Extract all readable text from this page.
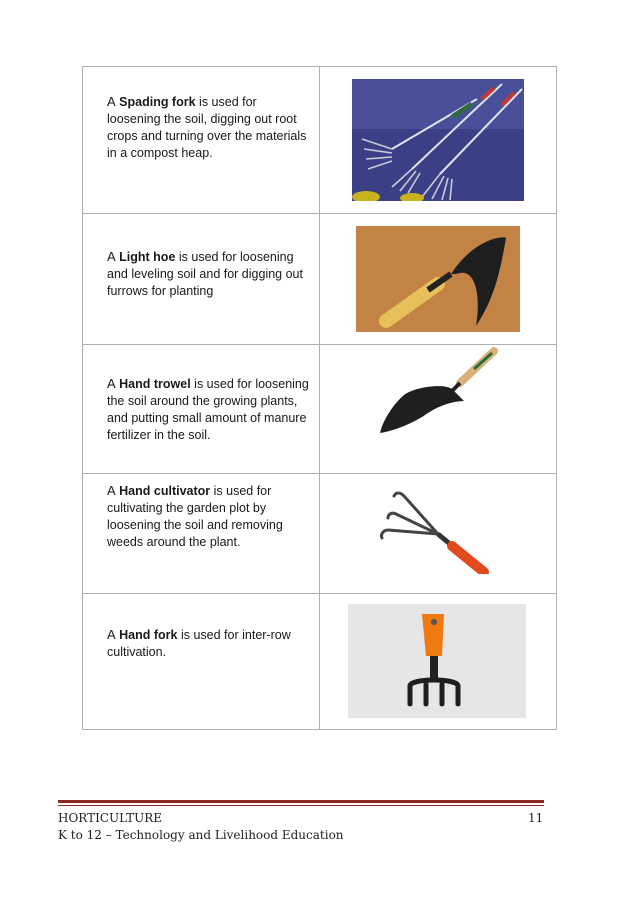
A Spading fork is used for loosening the soil, digging out root crops and turning over the materials in a compost heap.

A Light hoe is used for loosening and leveling soil and for digging out furrows for planting

A Hand trowel is used for loosening the soil around the growing plants, and putting small amount of manure fertilizer in the soil.

A Hand cultivator is used for cultivating the garden plot by loosening the soil and removing weeds around the plant.

A Hand fork is used for inter-row cultivation.

HORTICULTURE
K to 12 – Technology and Livelihood Education
11
